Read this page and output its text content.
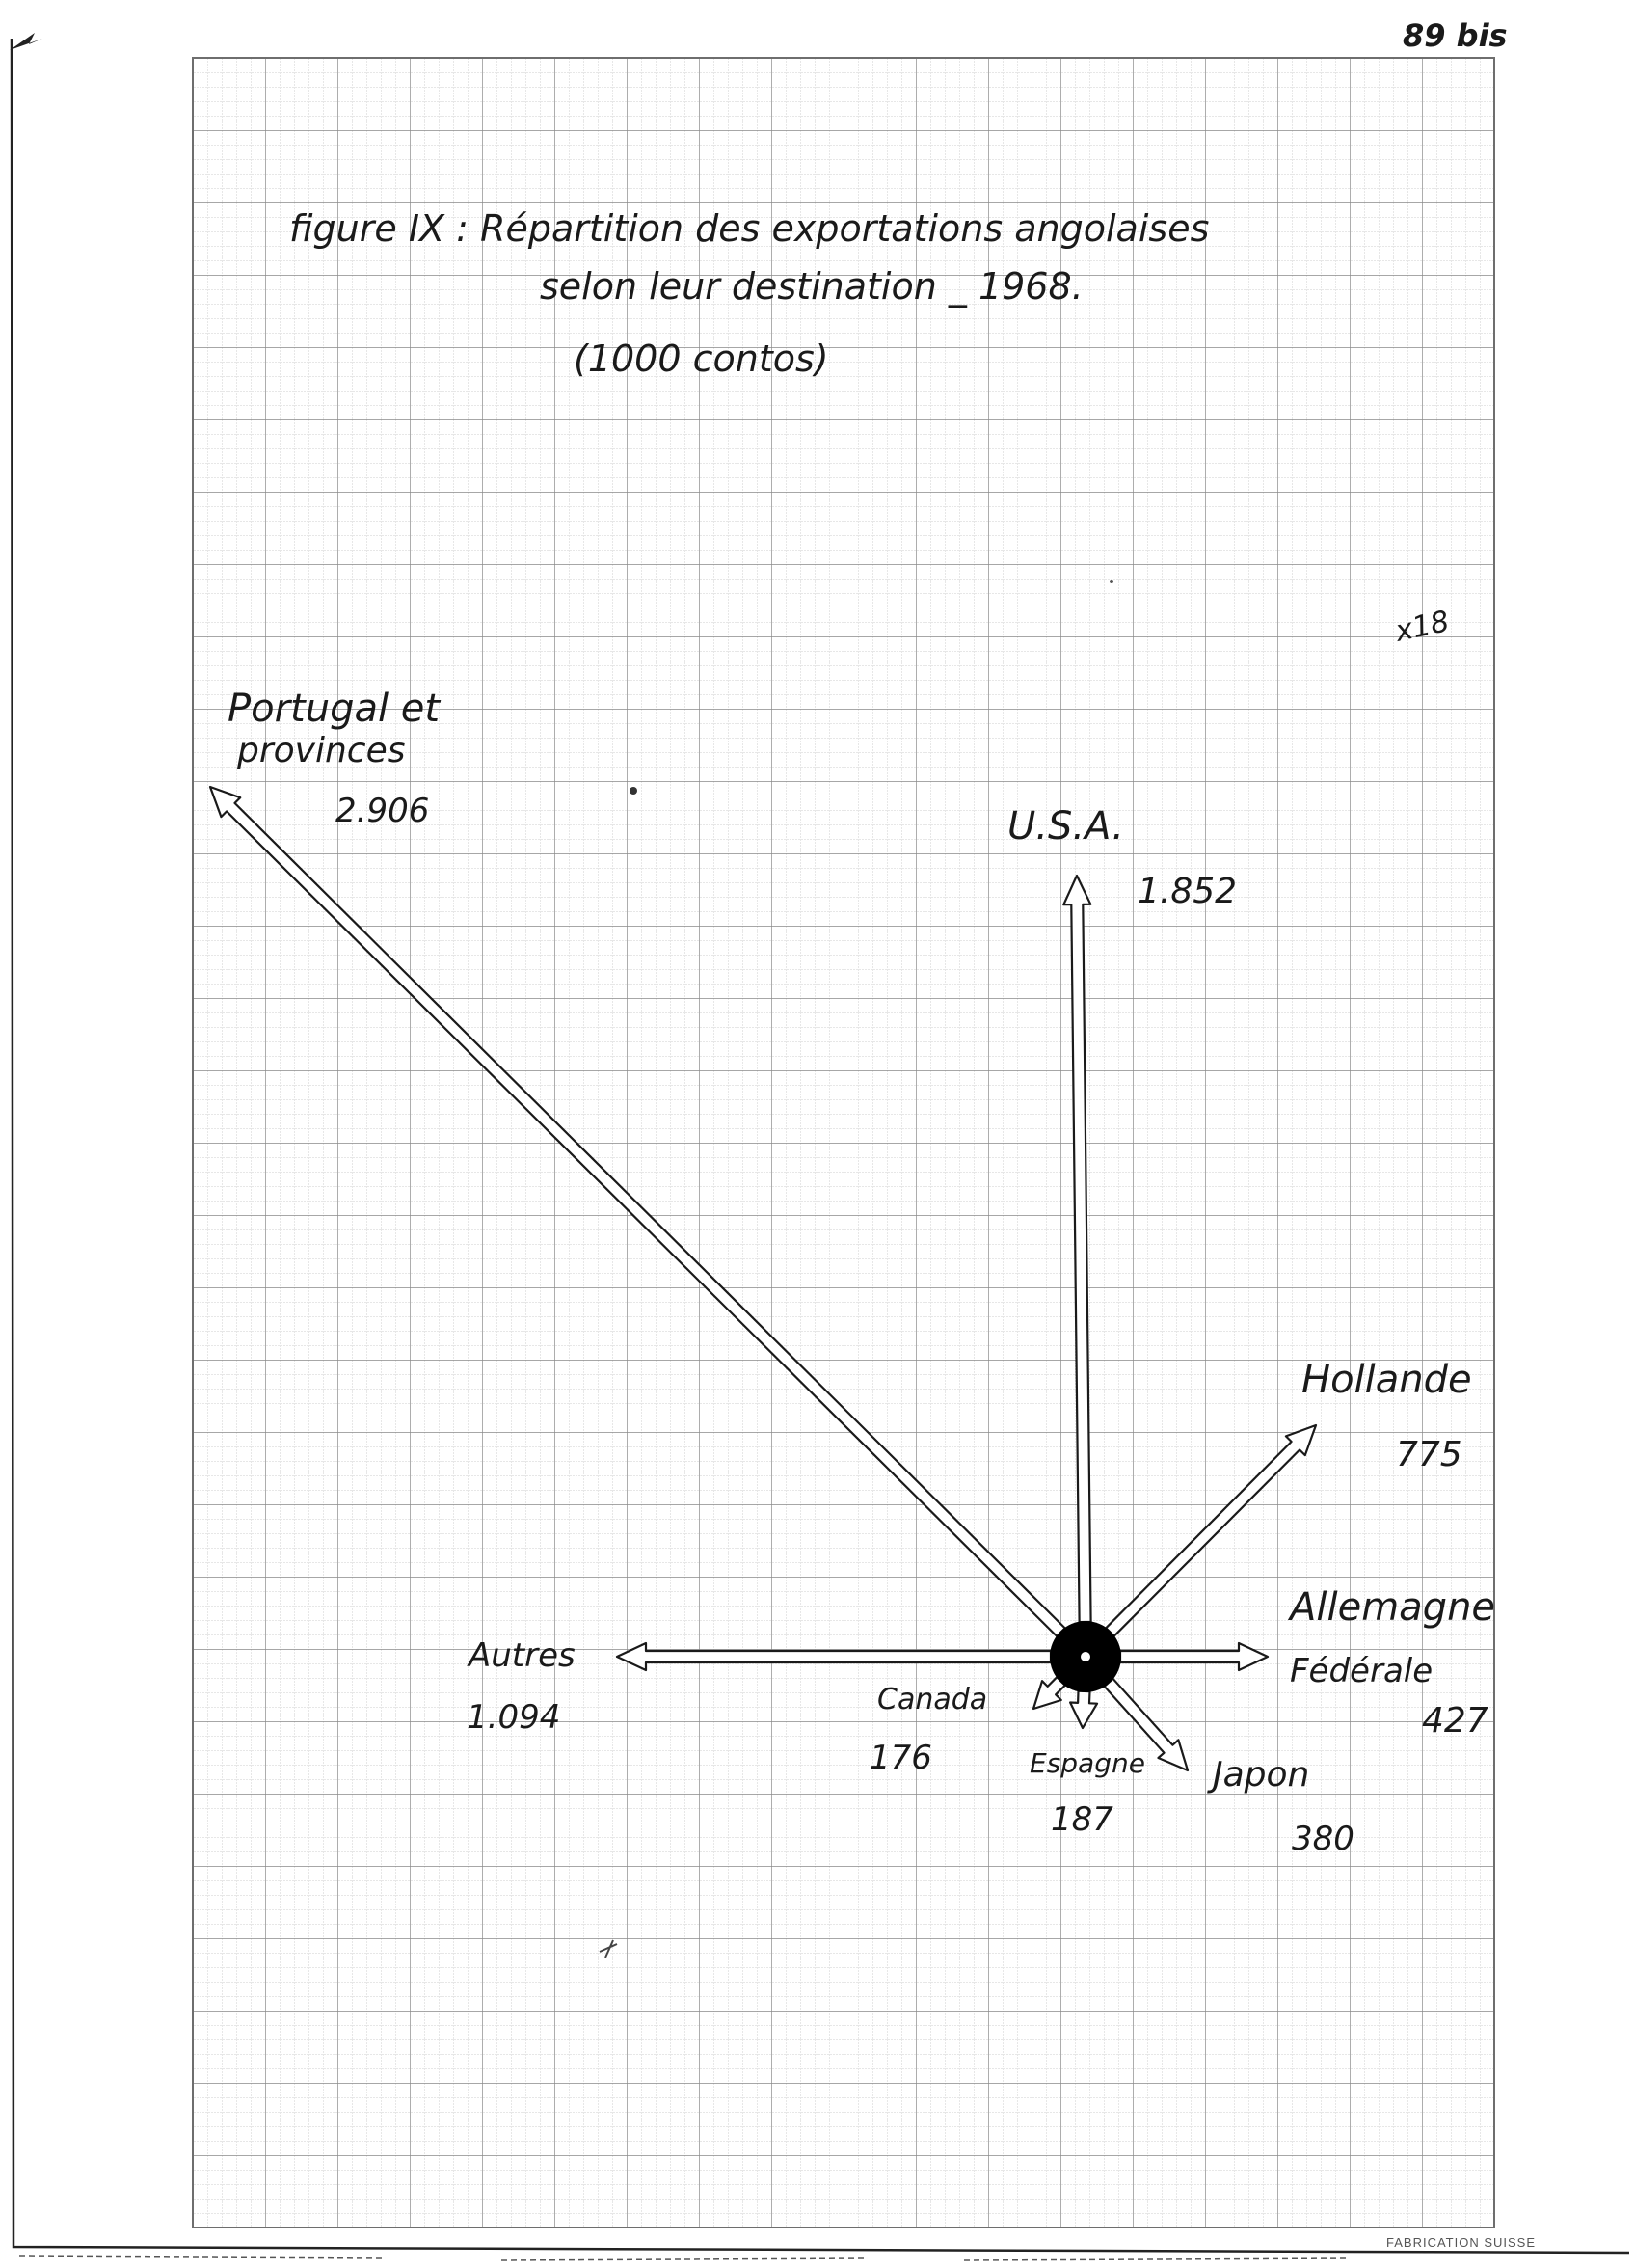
89 bis
figure IX : Répartition des exportations angolaises
selon leur destination _ 1968.
(1000 contos)
x18
Portugal et
provinces
2.906	U.S.A.
1.852
Hollande
775
Allemagne
Fédérale
427
Japon
380
Espagne
187
Canada
176
Autres
1.094
FABRICATION SUISSE
